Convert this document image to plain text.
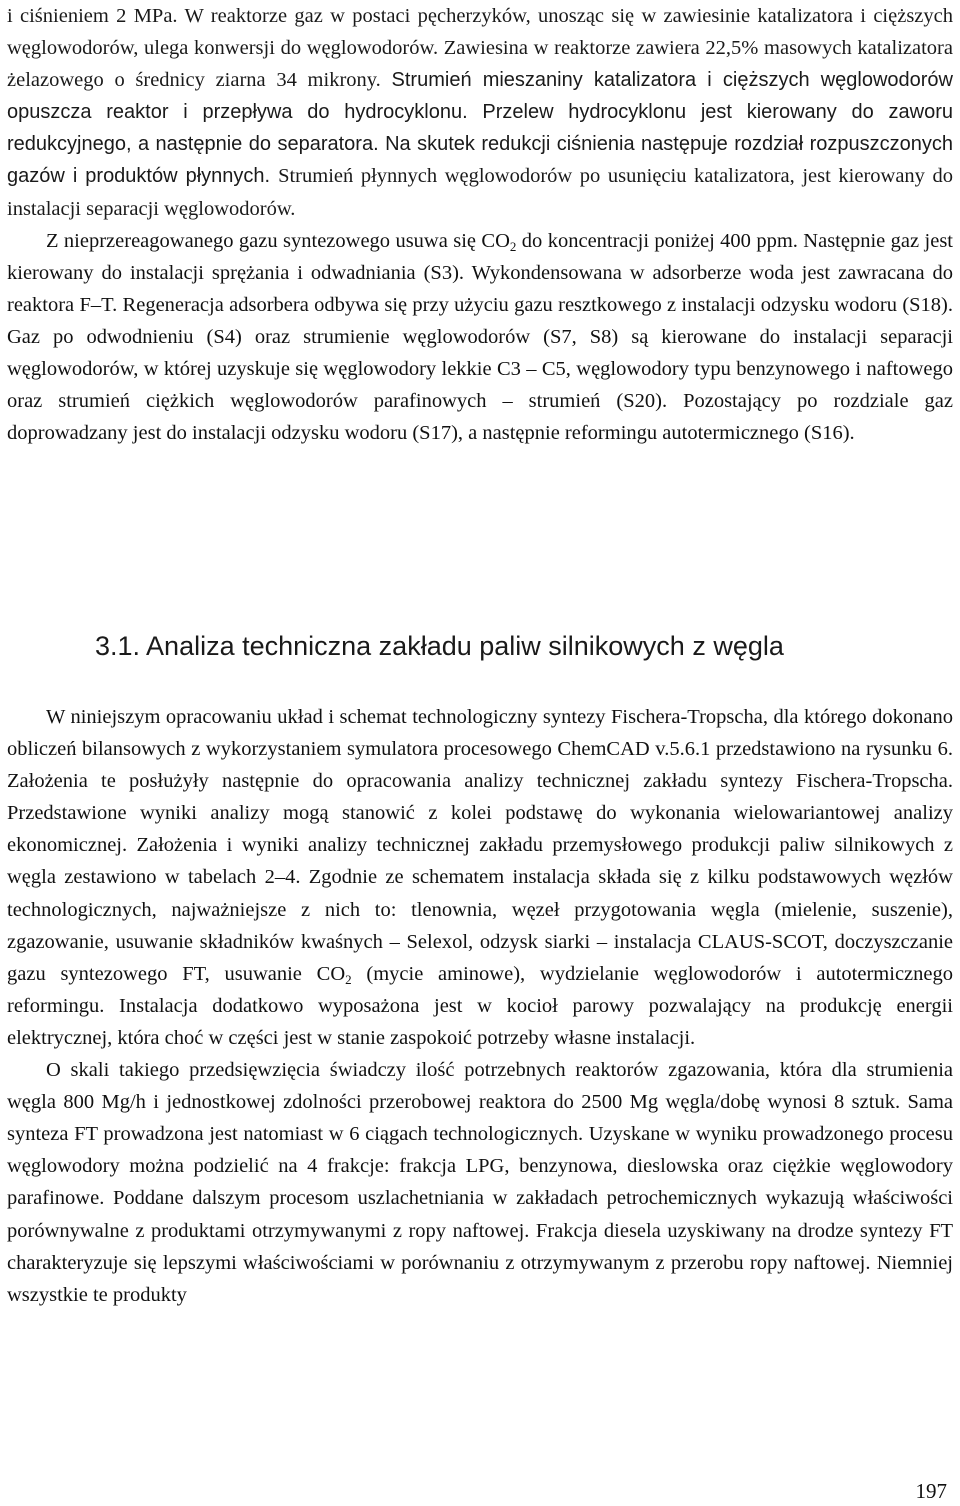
i ciśnieniem 2 MPa. W reaktorze gaz w postaci pęcherzyków, unosząc się w zawiesinie katalizatora i cięższych węglowodorów, ulega konwersji do węglowodorów. Zawiesina w reaktorze zawiera 22,5% masowych katalizatora żelazowego o średnicy ziarna 34 mikrony. Strumień mieszaniny katalizatora i cięższych węglowodorów opuszcza reaktor i przepływa do hydrocyklonu. Przelew hydrocyklonu jest kierowany do zaworu redukcyjnego, a następnie do separatora. Na skutek redukcji ciśnienia następuje rozdział rozpuszczonych gazów i produktów płynnych. Strumień płynnych węglowodorów po usunięciu katalizatora, jest kierowany do instalacji separacji węglowodorów.

Z nieprzereagowanego gazu syntezowego usuwa się $CO_2$ do koncentracji poniżej 400 ppm. Następnie gaz jest kierowany do instalacji sprężania i odwadniania (S3). Wykondensowana w adsorberze woda jest zawracana do reaktora F–T. Regeneracja adsorbera odbywa się przy użyciu gazu resztkowego z instalacji odzysku wodoru (S18). Gaz po odwodnieniu (S4) oraz strumienie węglowodorów (S7, S8) są kierowane do instalacji separacji węglowodorów, w której uzyskuje się węglowodory lekkie C3 – C5, węglowodory typu benzynowego i naftowego oraz strumień ciężkich węglowodorów parafinowych – strumień (S20). Pozostający po rozdziale gaz doprowadzany jest do instalacji odzysku wodoru (S17), a następnie reformingu autotermicznego (S16).

3.1. Analiza techniczna zakładu paliw silnikowych z węgla

W niniejszym opracowaniu układ i schemat technologiczny syntezy Fischera-Tropscha, dla którego dokonano obliczeń bilansowych z wykorzystaniem symulatora procesowego ChemCAD v.5.6.1 przedstawiono na rysunku 6. Założenia te posłużyły następnie do opracowania analizy technicznej zakładu syntezy Fischera-Tropscha. Przedstawione wyniki analizy mogą stanowić z kolei podstawę do wykonania wielowariantowej analizy ekonomicznej. Założenia i wyniki analizy technicznej zakładu przemysłowego produkcji paliw silnikowych z węgla zestawiono w tabelach 2–4. Zgodnie ze schematem instalacja składa się z kilku podstawowych węzłów technologicznych, najważniejsze z nich to: tlenownia, węzeł przygotowania węgla (mielenie, suszenie), zgazowanie, usuwanie składników kwaśnych – Selexol, odzysk siarki – instalacja CLAUS-SCOT, doczyszczanie gazu syntezowego FT, usuwanie $CO_2$ (mycie aminowe), wydzielanie węglowodorów i autotermicznego reformingu. Instalacja dodatkowo wyposażona jest w kocioł parowy pozwalający na produkcję energii elektrycznej, która choć w części jest w stanie zaspokoić potrzeby własne instalacji.

O skali takiego przedsięwzięcia świadczy ilość potrzebnych reaktorów zgazowania, która dla strumienia węgla 800 Mg/h i jednostkowej zdolności przerobowej reaktora do 2500 Mg węgla/dobę wynosi 8 sztuk. Sama synteza FT prowadzona jest natomiast w 6 ciągach technologicznych. Uzyskane w wyniku prowadzonego procesu węglowodory można podzielić na 4 frakcje: frakcja LPG, benzynowa, dieslowska oraz ciężkie węglowodory parafinowe. Poddane dalszym procesom uszlachetniania w zakładach petrochemicznych wykazują właściwości porównywalne z produktami otrzymywanymi z ropy naftowej. Frakcja diesela uzyskiwany na drodze syntezy FT charakteryzuje się lepszymi właściwościami w porównaniu z otrzymywanym z przerobu ropy naftowej. Niemniej wszystkie te produkty

197
